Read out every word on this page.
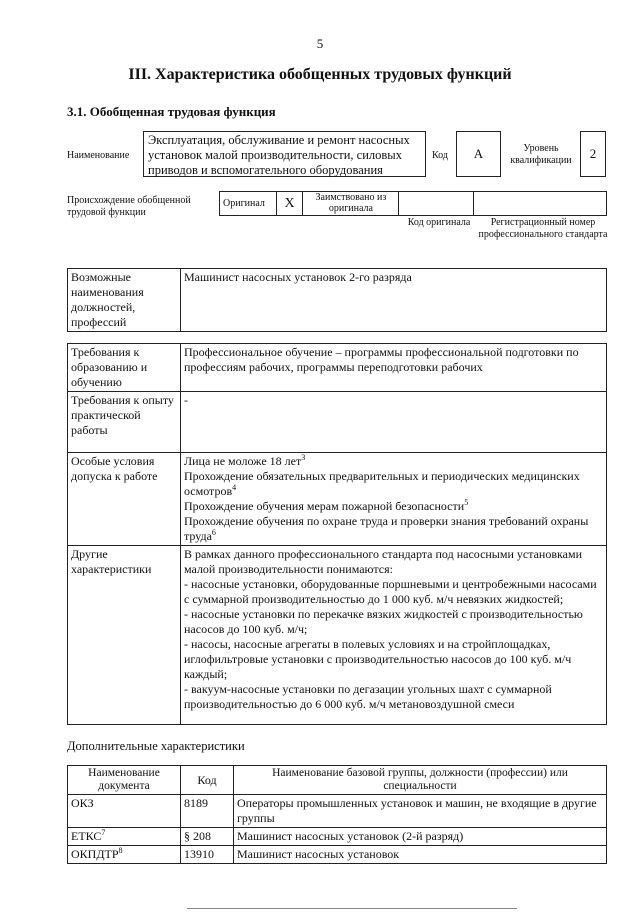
5
III. Характеристика обобщенных трудовых функций
3.1. Обобщенная трудовая функция
Наименование
Эксплуатация, обслуживание и ремонт насосных установок малой производительности, силовых приводов и вспомогательного оборудования
Код	А	Уровень квалификации	2
Происхождение обобщенной трудовой функции
Оригинал	X	Заимствовано из оригинала		
Код оригинала	Регистрационный номер профессионального стандарта
Возможные наименования должностей, профессий	Машинист насосных установок 2-го разряда
Требования к образованию и обучению	Профессиональное обучение – программы профессиональной подготовки по профессиям рабочих, программы переподготовки рабочих
Требования к опыту практической работы	-
Особые условия допуска к работе	Лица не моложе 18 лет$^3$
Прохождение обязательных предварительных и периодических медицинских осмотров$^4$
Прохождение обучения мерам пожарной безопасности$^5$
Прохождение обучения по охране труда и проверки знания требований охраны труда$^6$

Другие характеристики	В рамках данного профессионального стандарта под насосными установками малой производительности понимаются:
- насосные установки, оборудованные поршневыми и центробежными насосами с суммарной производительностью до 1 000 куб. м/ч невязких жидкостей;
- насосные установки по перекачке вязких жидкостей с производительностью насосов до 100 куб. м/ч;
- насосы, насосные агрегаты в полевых условиях и на стройплощадках, иглофильтровые установки с производительностью насосов до 100 куб. м/ч каждый;
- вакуум-насосные установки по дегазации угольных шахт с суммарной производительностью до 6 000 куб. м/ч метановоздушной смеси
Дополнительные характеристики
Наименование документа	Код	Наименование базовой группы, должности (профессии) или специальности
ОКЗ	8189	Операторы промышленных установок и машин, не входящие в другие группы
ЕТКС$^7$	§ 208	Машинист насосных установок (2-й разряд)
ОКПДТР$^8$	13910	Машинист насосных установок
